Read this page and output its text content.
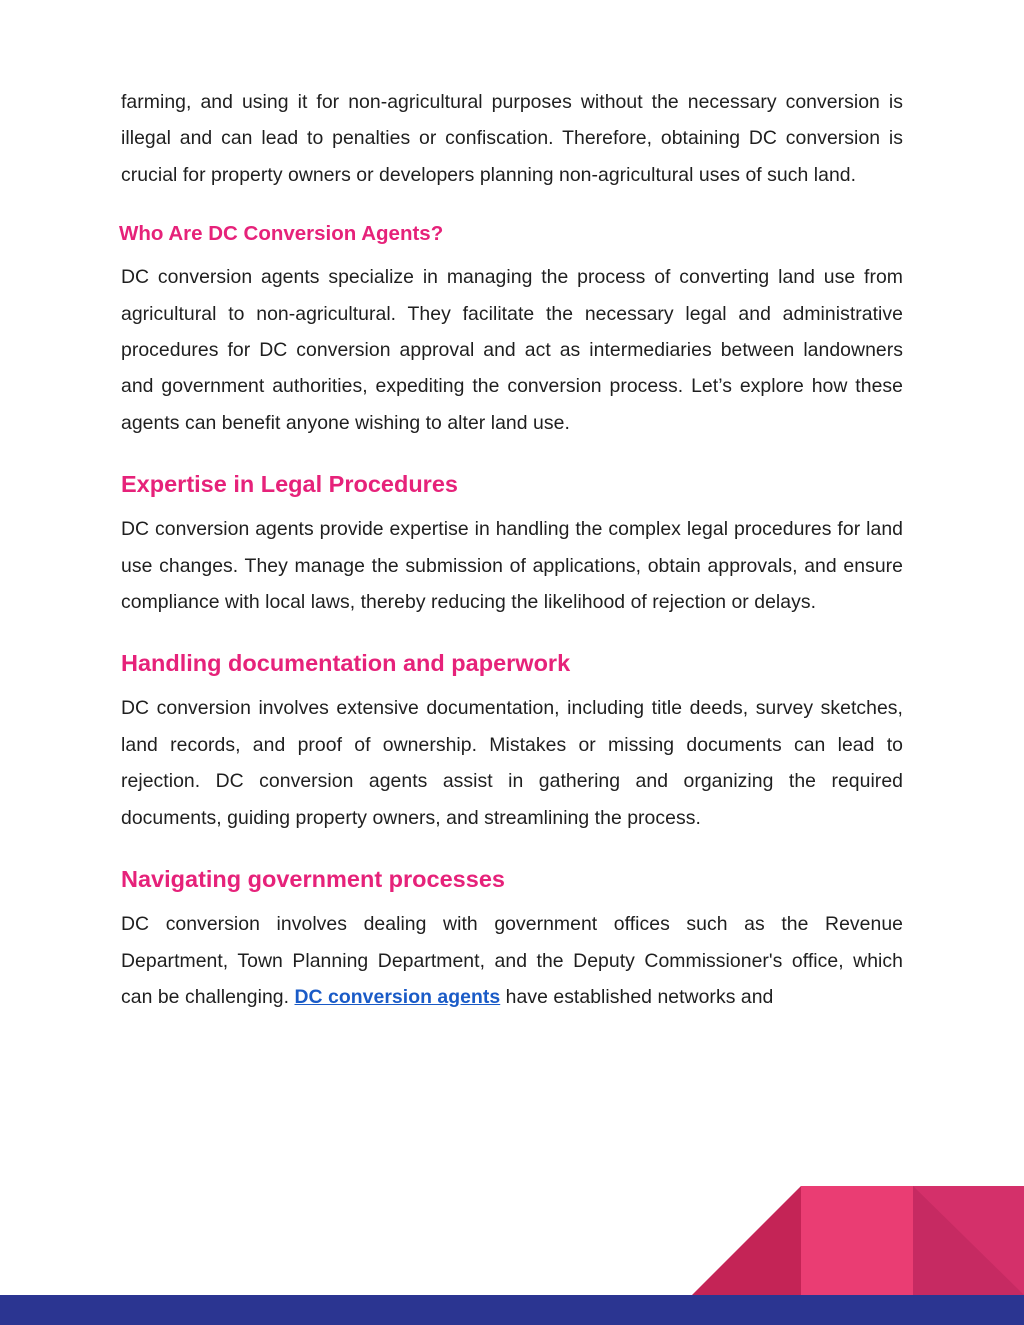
farming, and using it for non-agricultural purposes without the necessary conversion is illegal and can lead to penalties or confiscation. Therefore, obtaining DC conversion is crucial for property owners or developers planning non-agricultural uses of such land.

Who Are DC Conversion Agents?

DC conversion agents specialize in managing the process of converting land use from agricultural to non-agricultural. They facilitate the necessary legal and administrative procedures for DC conversion approval and act as intermediaries between landowners and government authorities, expediting the conversion process. Let’s explore how these agents can benefit anyone wishing to alter land use.

Expertise in Legal Procedures

DC conversion agents provide expertise in handling the complex legal procedures for land use changes. They manage the submission of applications, obtain approvals, and ensure compliance with local laws, thereby reducing the likelihood of rejection or delays.

Handling documentation and paperwork

DC conversion involves extensive documentation, including title deeds, survey sketches, land records, and proof of ownership. Mistakes or missing documents can lead to rejection. DC conversion agents assist in gathering and organizing the required documents, guiding property owners, and streamlining the process.

Navigating government processes

DC conversion involves dealing with government offices such as the Revenue Department, Town Planning Department, and the Deputy Commissioner's office, which can be challenging. DC conversion agents have established networks and
